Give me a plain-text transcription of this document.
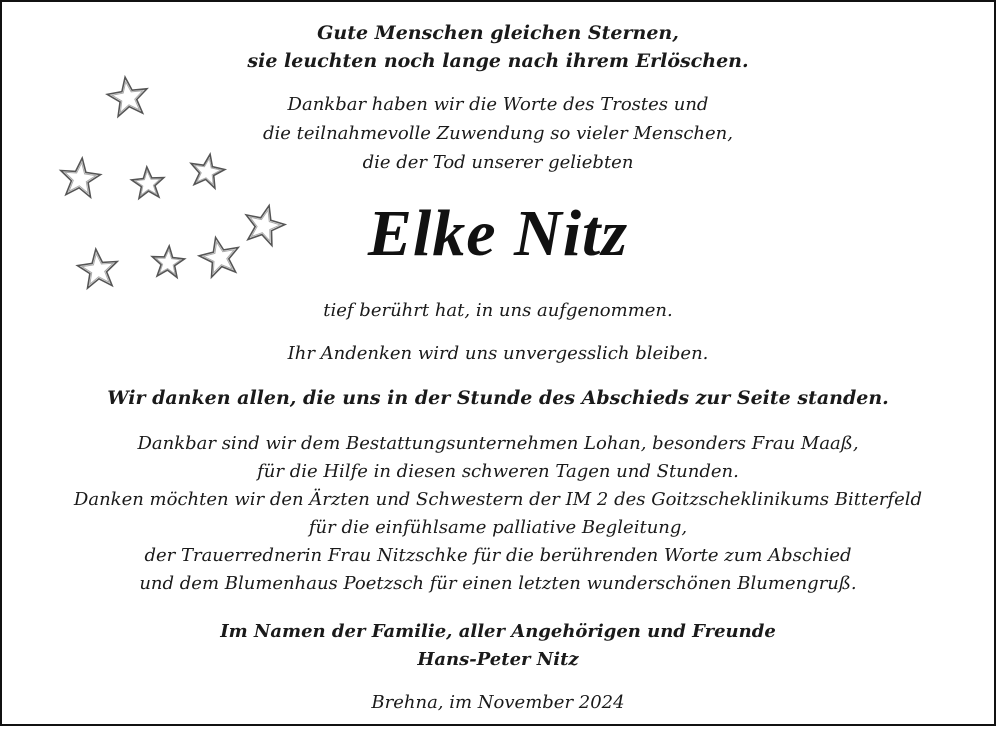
Gute Menschen gleichen Sternen,
sie leuchten noch lange nach ihrem Erlöschen.
Dankbar haben wir die Worte des Trostes und
die teilnahmevolle Zuwendung so vieler Menschen,
die der Tod unserer geliebten
Elke Nitz
tief berührt hat, in uns aufgenommen.
Ihr Andenken wird uns unvergesslich bleiben.
Wir danken allen, die uns in der Stunde des Abschieds zur Seite standen.
Dankbar sind wir dem Bestattungsunternehmen Lohan, besonders Frau Maaß,
für die Hilfe in diesen schweren Tagen und Stunden.
Danken möchten wir den Ärzten und Schwestern der IM 2 des Goitzscheklinikums Bitterfeld
für die einfühlsame palliative Begleitung,
der Trauerrednerin Frau Nitzschke für die berührenden Worte zum Abschied
und dem Blumenhaus Poetzsch für einen letzten wunderschönen Blumengruß.
Im Namen der Familie, aller Angehörigen und Freunde
Hans-Peter Nitz
Brehna, im November 2024
